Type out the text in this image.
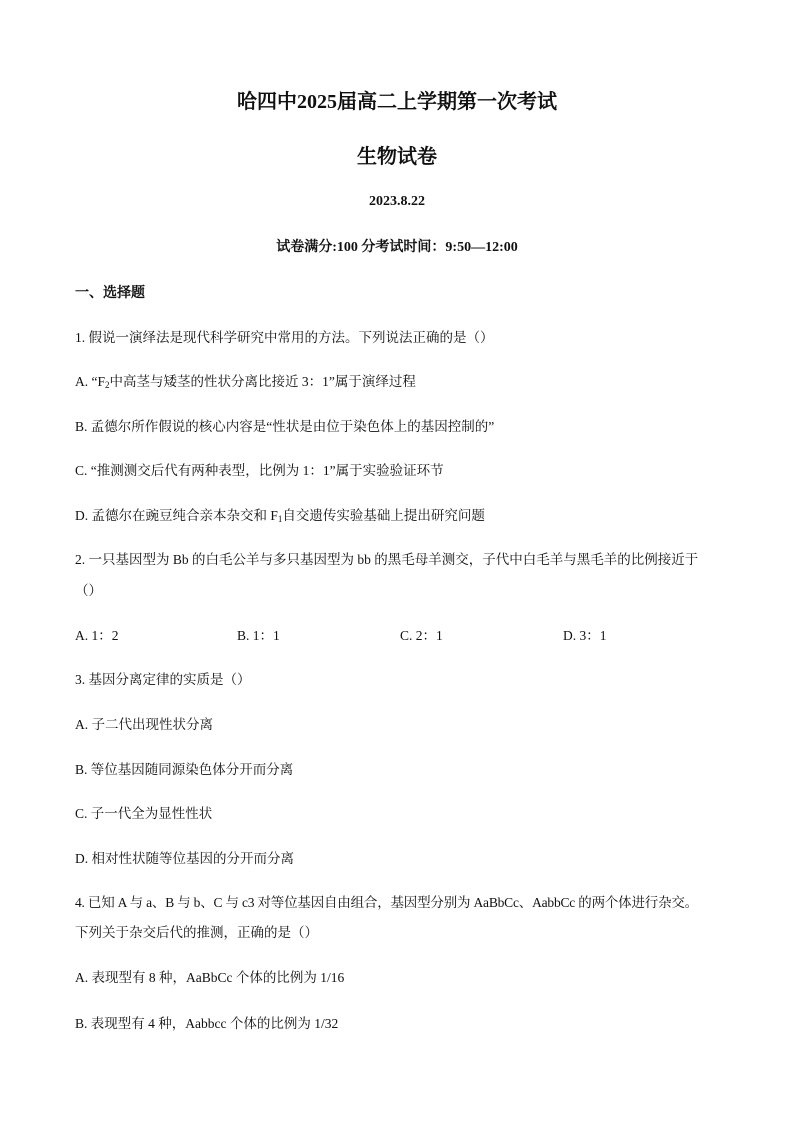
哈四中2025届高二上学期第一次考试
生物试卷
2023.8.22
试卷满分:100 分考试时间：9:50—12:00
一、选择题
1. 假说一演绎法是现代科学研究中常用的方法。下列说法正确的是（）
A. “$F_2$中高茎与矮茎的性状分离比接近 3：1”属于演绎过程
B. 孟德尔所作假说的核心内容是“性状是由位于染色体上的基因控制的”
C. “推测测交后代有两种表型，比例为 1：1”属于实验验证环节
D. 孟德尔在豌豆纯合亲本杂交和 $F_1$自交遗传实验基础上提出研究问题
2. 一只基因型为 Bb 的白毛公羊与多只基因型为 bb 的黑毛母羊测交，子代中白毛羊与黑毛羊的比例接近于
（）
A. 1：2	B. 1：1	C. 2：1	D. 3：1
3. 基因分离定律的实质是（）
A. 子二代出现性状分离
B. 等位基因随同源染色体分开而分离
C. 子一代全为显性性状
D. 相对性状随等位基因的分开而分离
4. 已知 A 与 a、B 与 b、C 与 c3 对等位基因自由组合，基因型分别为 AaBbCc、AabbCc 的两个体进行杂交。
下列关于杂交后代的推测，正确的是（）
A. 表现型有 8 种，AaBbCc 个体的比例为 1/16
B. 表现型有 4 种，Aabbcc 个体的比例为 1/32
